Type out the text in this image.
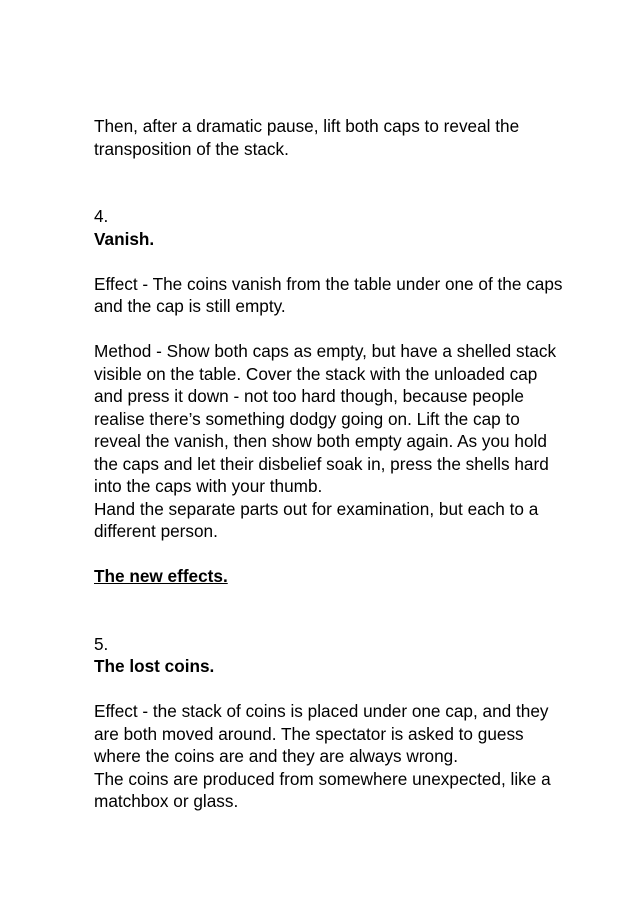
Then, after a dramatic pause, lift both caps to reveal the transposition of the stack.

4.
Vanish.

Effect - The coins vanish from the table under one of the caps and the cap is still empty.

Method - Show both caps as empty, but have a shelled stack visible on the table. Cover the stack with the unloaded cap and press it down - not too hard though, because people realise there’s something dodgy going on. Lift the cap to reveal the vanish, then show both empty again. As you hold the caps and let their disbelief soak in, press the shells hard into the caps with your thumb.

Hand the separate parts out for examination, but each to a different person.

The new effects.

5.
The lost coins.

Effect - the stack of coins is placed under one cap, and they are both moved around. The spectator is asked to guess where the coins are and they are always wrong.

The coins are produced from somewhere unexpected, like a matchbox or glass.
